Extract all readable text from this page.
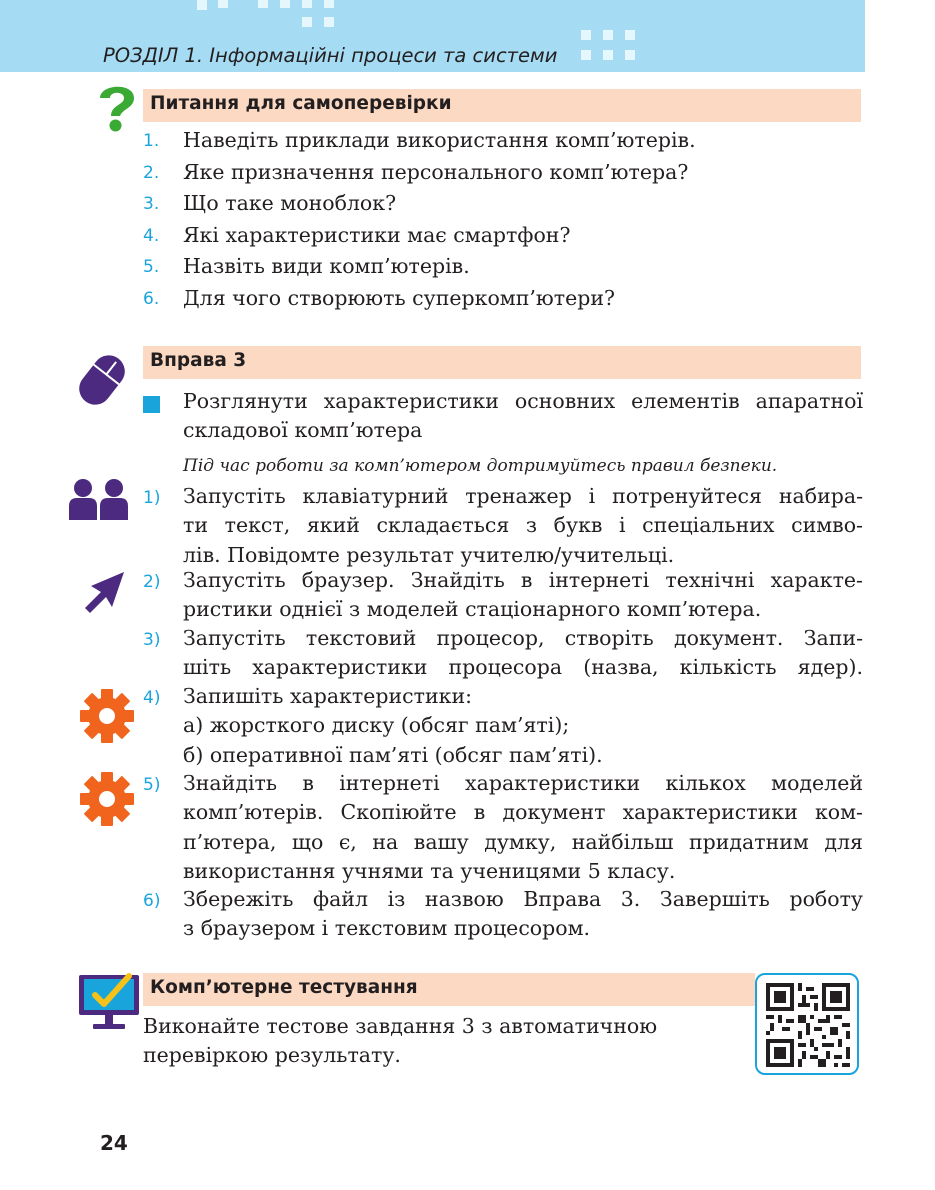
РОЗДІЛ 1. Інформаційні процеси та системи
Питання для самоперевірки
1. Наведіть приклади використання комп’ютерів.
2. Яке призначення персонального комп’ютера?
3. Що таке моноблок?
4. Які характеристики має смартфон?
5. Назвіть види комп’ютерів.
6. Для чого створюють суперкомп’ютери?
Вправа 3
Розглянути характеристики основних елементів апаратної
складової комп’ютера
Під час роботи за комп’ютером дотримуйтесь правил безпеки.
1) Запустіть клавіатурний тренажер і потренуйтеся набира-
ти текст, який складається з букв і спеціальних симво-
лів. Повідомте результат учителю/учительці.
2) Запустіть браузер. Знайдіть в інтернеті технічні характе-
ристики однієї з моделей стаціонарного комп’ютера.
3) Запустіть текстовий процесор, створіть документ. Запи-
шіть характеристики процесора (назва, кількість ядер).
4) Запишіть характеристики:
а) жорсткого диску (обсяг пам’яті);
б) оперативної пам’яті (обсяг пам’яті).
5) Знайдіть в інтернеті характеристики кількох моделей
комп’ютерів. Скопіюйте в документ характеристики ком-
п’ютера, що є, на вашу думку, найбільш придатним для
використання учнями та ученицями 5 класу.
6) Збережіть файл із назвою Вправа 3. Завершіть роботу
з браузером і текстовим процесором.
Комп’ютерне тестування
Виконайте тестове завдання 3 з автоматичною
перевіркою результату.
24
